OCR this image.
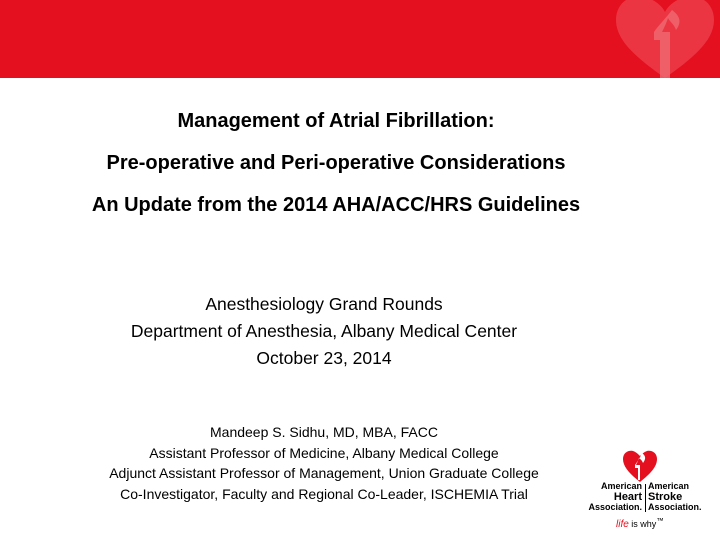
Management of Atrial Fibrillation:
Pre-operative and Peri-operative Considerations
An Update from the 2014 AHA/ACC/HRS Guidelines
Anesthesiology Grand Rounds
Department of Anesthesia, Albany Medical Center
October 23, 2014
Mandeep S. Sidhu, MD, MBA, FACC
Assistant Professor of Medicine, Albany Medical College
Adjunct Assistant Professor of Management, Union Graduate College
Co-Investigator, Faculty and Regional Co-Leader, ISCHEMIA Trial	American
Heart
Association.
American
Stroke
Association.
life is why™
